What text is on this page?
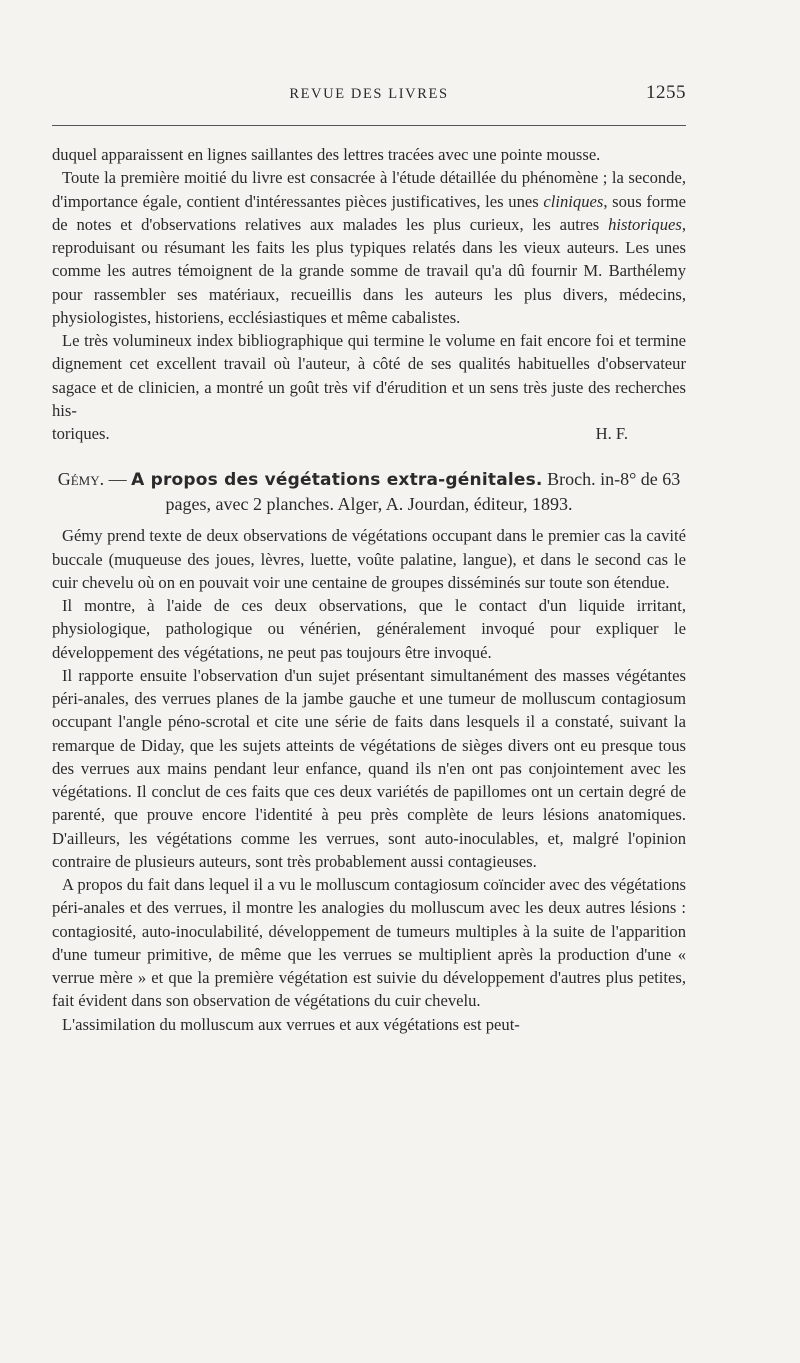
REVUE DES LIVRES	1255

duquel apparaissent en lignes saillantes des lettres tracées avec une pointe mousse.

Toute la première moitié du livre est consacrée à l'étude détaillée du phénomène ; la seconde, d'importance égale, contient d'intéressantes pièces justificatives, les unes cliniques, sous forme de notes et d'observations relatives aux malades les plus curieux, les autres historiques, reproduisant ou résumant les faits les plus typiques relatés dans les vieux auteurs. Les unes comme les autres témoignent de la grande somme de travail qu'a dû fournir M. Barthélemy pour rassembler ses matériaux, recueillis dans les auteurs les plus divers, médecins, physiologistes, historiens, ecclésiastiques et même cabalistes.

Le très volumineux index bibliographique qui termine le volume en fait encore foi et termine dignement cet excellent travail où l'auteur, à côté de ses qualités habituelles d'observateur sagace et de clinicien, a montré un goût très vif d'érudition et un sens très juste des recherches his-

toriques.	H. F.
Gémy. — A propos des végétations extra-génitales. Broch. in-8° de 63 pages, avec 2 planches. Alger, A. Jourdan, éditeur, 1893.

Gémy prend texte de deux observations de végétations occupant dans le premier cas la cavité buccale (muqueuse des joues, lèvres, luette, voûte palatine, langue), et dans le second cas le cuir chevelu où on en pouvait voir une centaine de groupes disséminés sur toute son étendue.

Il montre, à l'aide de ces deux observations, que le contact d'un liquide irritant, physiologique, pathologique ou vénérien, généralement invoqué pour expliquer le développement des végétations, ne peut pas toujours être invoqué.

Il rapporte ensuite l'observation d'un sujet présentant simultanément des masses végétantes péri-anales, des verrues planes de la jambe gauche et une tumeur de molluscum contagiosum occupant l'angle péno-scrotal et cite une série de faits dans lesquels il a constaté, suivant la remarque de Diday, que les sujets atteints de végétations de sièges divers ont eu presque tous des verrues aux mains pendant leur enfance, quand ils n'en ont pas conjointement avec les végétations. Il conclut de ces faits que ces deux variétés de papillomes ont un certain degré de parenté, que prouve encore l'identité à peu près complète de leurs lésions anatomiques. D'ailleurs, les végétations comme les verrues, sont auto-inoculables, et, malgré l'opinion contraire de plusieurs auteurs, sont très probablement aussi contagieuses.

A propos du fait dans lequel il a vu le molluscum contagiosum coïncider avec des végétations péri-anales et des verrues, il montre les analogies du molluscum avec les deux autres lésions : contagiosité, auto-inoculabilité, développement de tumeurs multiples à la suite de l'apparition d'une tumeur primitive, de même que les verrues se multiplient après la production d'une « verrue mère » et que la première végétation est suivie du développement d'autres plus petites, fait évident dans son observation de végétations du cuir chevelu.

L'assimilation du molluscum aux verrues et aux végétations est peut-
